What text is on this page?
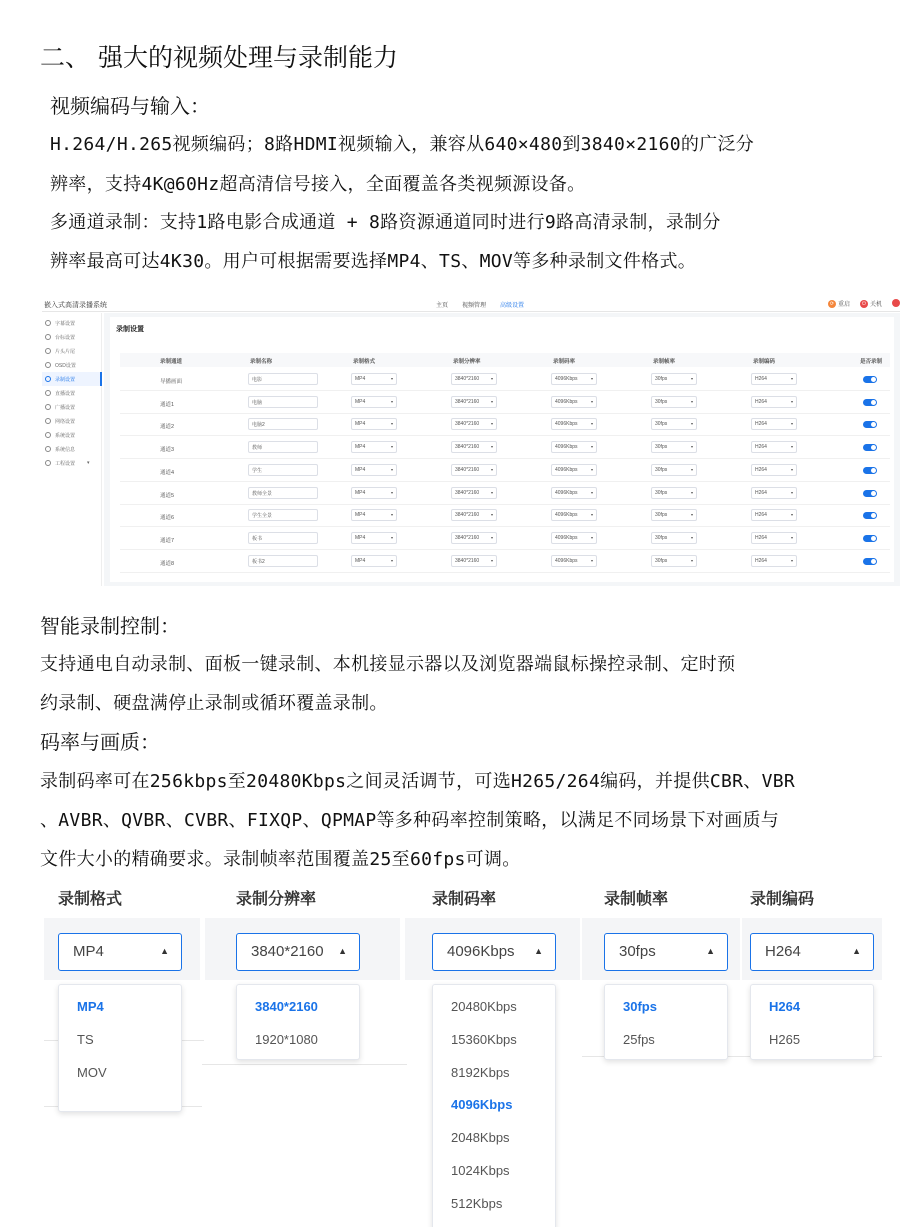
二、 强大的视频处理与录制能力
视频编码与输入：
H.264/H.265视频编码；8路HDMI视频输入，兼容从640×480到3840×2160的广泛分
辨率，支持4K@60Hz超高清信号接入，全面覆盖各类视频源设备。
多通道录制：支持1路电影合成通道 + 8路资源通道同时进行9路高清录制，录制分
辨率最高可达4K30。用户可根据需要选择MP4、TS、MOV等多种录制文件格式。
嵌入式高清录播系统	主页 视频管理 高级设置	⟳ 重启	⏻ 关机
字幕设置
台标设置
片头片尾
OSD设置
录制设置
直播设置
广播设置
网络设置
系统设置
系统信息
工程设置 ▾
录制设置
录制通道	录制名称	录制格式	录制分辨率	录制码率	录制帧率	录制编码	是否录制
导播画面	电影	MP4	▾	3840*2160	▾	4096Kbps	▾	30fps	▾	H264	▾
通道1	电脑	MP4	▾	3840*2160	▾	4096Kbps	▾	30fps	▾	H264	▾
通道2	电脑2	MP4	▾	3840*2160	▾	4096Kbps	▾	30fps	▾	H264	▾
通道3	教师	MP4	▾	3840*2160	▾	4096Kbps	▾	30fps	▾	H264	▾
通道4	学生	MP4	▾	3840*2160	▾	4096Kbps	▾	30fps	▾	H264	▾
通道5	教师全景	MP4	▾	3840*2160	▾	4096Kbps	▾	30fps	▾	H264	▾
通道6	学生全景	MP4	▾	3840*2160	▾	4096Kbps	▾	30fps	▾	H264	▾
通道7	板书	MP4	▾	3840*2160	▾	4096Kbps	▾	30fps	▾	H264	▾
通道8	板书2	MP4	▾	3840*2160	▾	4096Kbps	▾	30fps	▾	H264	▾
智能录制控制：
支持通电自动录制、面板一键录制、本机接显示器以及浏览器端鼠标操控录制、定时预
约录制、硬盘满停止录制或循环覆盖录制。
码率与画质：
录制码率可在256kbps至20480Kbps之间灵活调节，可选H265/264编码，并提供CBR、VBR
、AVBR、QVBR、CVBR、FIXQP、QPMAP等多种码率控制策略，以满足不同场景下对画质与
文件大小的精确要求。录制帧率范围覆盖25至60fps可调。
录制格式
MP4	▲
MP4
TS
MOV
录制分辨率
3840*2160 ▲
3840*2160
1920*1080
录制码率
4096Kbps ▲
20480Kbps
15360Kbps
8192Kbps
4096Kbps
2048Kbps
1024Kbps
512Kbps
录制帧率
30fps	▲
30fps
25fps
录制编码
H264	▲
H264
H265
